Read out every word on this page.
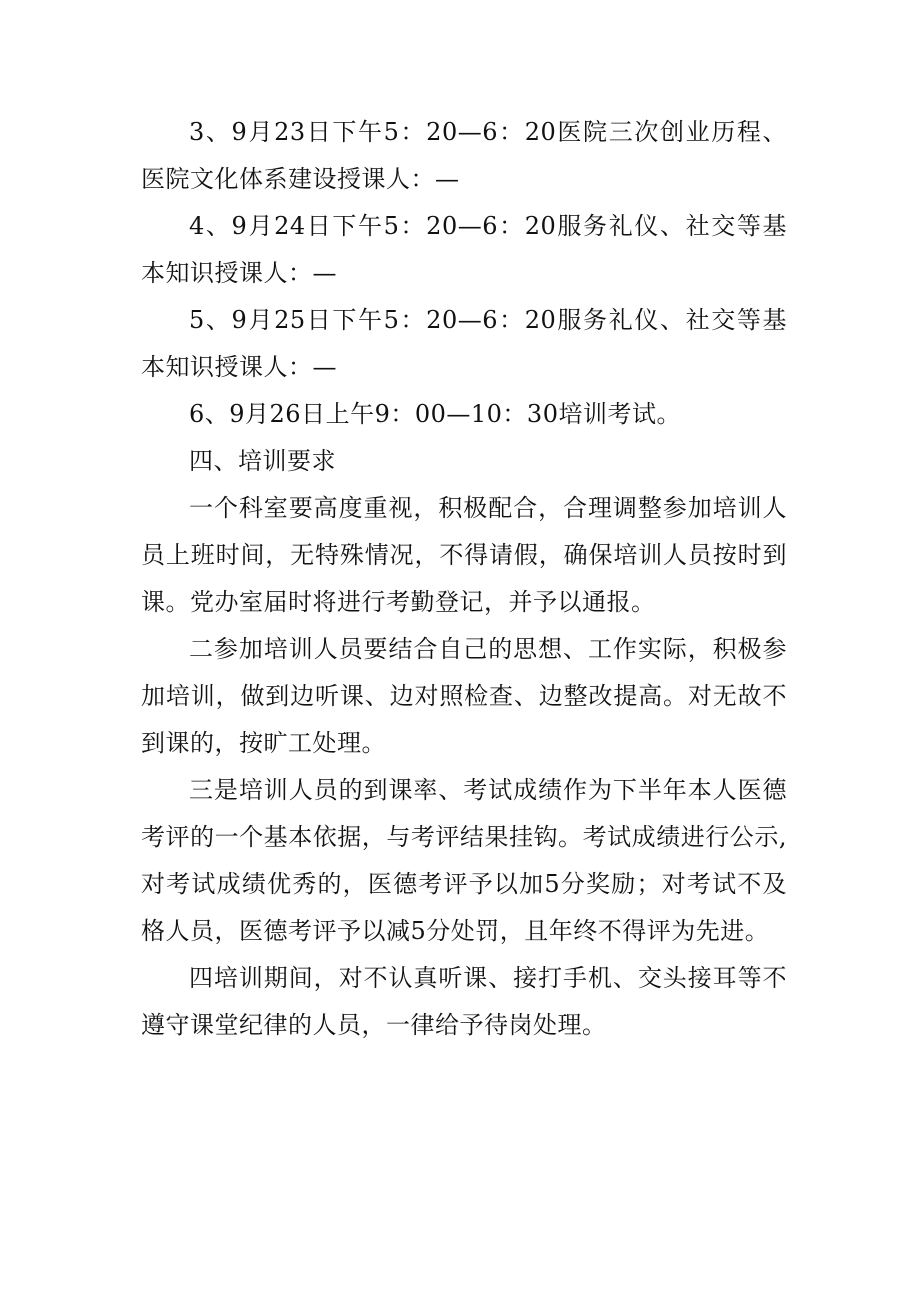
3、9月23日下午5：20—6：20医院三次创业历程、医院文化体系建设授课人：—

4、9月24日下午5：20—6：20服务礼仪、社交等基本知识授课人：—

5、9月25日下午5：20—6：20服务礼仪、社交等基本知识授课人：—

6、9月26日上午9：00—10：30培训考试。

四、培训要求

一个科室要高度重视，积极配合，合理调整参加培训人员上班时间，无特殊情况，不得请假，确保培训人员按时到课。党办室届时将进行考勤登记，并予以通报。

二参加培训人员要结合自己的思想、工作实际，积极参加培训，做到边听课、边对照检查、边整改提高。对无故不到课的，按旷工处理。

三是培训人员的到课率、考试成绩作为下半年本人医德考评的一个基本依据，与考评结果挂钩。考试成绩进行公示,对考试成绩优秀的，医德考评予以加5分奖励；对考试不及格人员，医德考评予以减5分处罚，且年终不得评为先进。

四培训期间，对不认真听课、接打手机、交头接耳等不遵守课堂纪律的人员，一律给予待岗处理。
